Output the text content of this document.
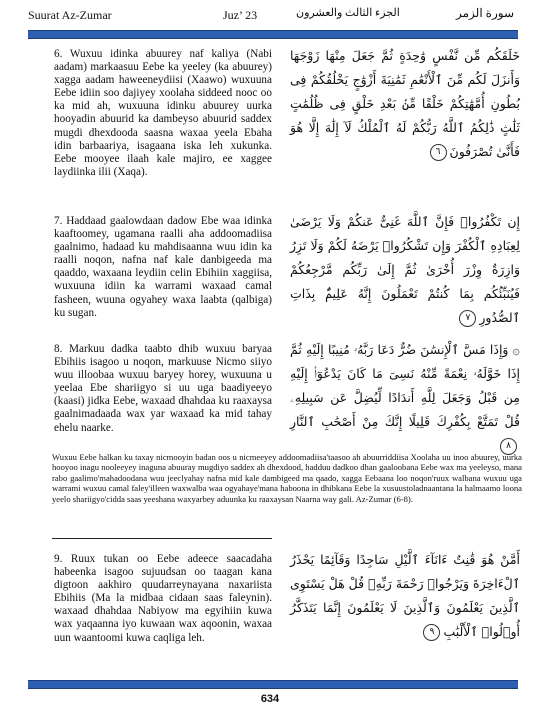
Suurat Az-Zumar	Juz’ 23	الجزء الثالث والعشرون	سورة الزمر
6. Wuxuu idinka abuurey naf kaliya (Nabi aadam) markaasuu Eebe ka yeeley (ka abuurey) xagga aadam haweeneydiisi (Xaawo) wuxuuna Eebe idiin soo dajiyey xoolaha siddeed nooc oo ka mid ah, wuxuuna idinku abuurey uurka hooyadin abuurid ka dambeyso abuurid saddex mugdi dhexdooda saasna waxaa yeela Ebaha idin barbaariya, isagaana iska leh xukunka. Eebe mooyee ilaah kale majiro, ee xaggee laydiinka ilii (Xaqa).
خَلَقَكُم مِّن نَّفْسٍ وَٰحِدَةٍ ثُمَّ جَعَلَ مِنْهَا زَوْجَهَا وَأَنزَلَ لَكُم مِّنَ ٱلْأَنْعَٰمِ ثَمَٰنِيَةَ أَزْوَٰجٍ يَخْلُقُكُمْ فِى بُطُونِ أُمَّهَٰتِكُمْ خَلْقًا مِّنۢ بَعْدِ خَلْقٍ فِى ظُلُمَٰتٍ ثَلَٰثٍ ذَٰلِكُمُ ٱللَّهُ رَبُّكُمْ لَهُ ٱلْمُلْكُ لَآ إِلَٰهَ إِلَّا هُوَ فَأَنَّىٰ تُصْرَفُونَ٦
7. Haddaad gaalowdaan dadow Ebe waa idinka kaaftoomey, ugamana raalli aha addoomadiisa gaalnimo, hadaad ku mahdisaanna wuu idin ka raalli noqon, nafna naf kale danbigeeda ma qaaddo, waxaana leydiin celin Ebihiin xaggiisa, wuxuuna idiin ka warrami waxaad camal fasheen, wuuna ogyahey waxa laabta (qalbiga) ku sugan.
إِن تَكْفُرُوا۟ فَإِنَّ ٱللَّهَ غَنِىٌّ عَنكُمْ وَلَا يَرْضَىٰ لِعِبَادِهِ ٱلْكُفْرَ وَإِن تَشْكُرُوا۟ يَرْضَهُ لَكُمْ وَلَا تَزِرُ وَازِرَةٌ وِزْرَ أُخْرَىٰ ثُمَّ إِلَىٰ رَبِّكُم مَّرْجِعُكُمْ فَيُنَبِّئُكُم بِمَا كُنتُمْ تَعْمَلُونَ إِنَّهُ عَلِيمٌۢ بِذَاتِ ٱلصُّدُورِ٧
8. Markuu dadka taabto dhib wuxuu baryaa Ebihiis isagoo u noqon, markuuse Nicmo siiyo wuu illoobaa wuxuu baryey horey, wuxuuna u yeelaa Ebe shariigyo si uu uga baadiyeeyo (kaasi) jidka Eebe, waxaad dhahdaa ku raaxaysa gaalnimadaada wax yar waxaad ka mid tahay ehelu naarke.
۞ وَإِذَا مَسَّ ٱلْإِنسَٰنَ ضُرٌّ دَعَا رَبَّهُۥ مُنِيبًا إِلَيْهِ ثُمَّ إِذَا خَوَّلَهُۥ نِعْمَةً مِّنْهُ نَسِىَ مَا كَانَ يَدْعُوٓا۟ إِلَيْهِ مِن قَبْلُ وَجَعَلَ لِلَّهِ أَندَادًا لِّيُضِلَّ عَن سَبِيلِهِۦ قُلْ تَمَتَّعْ بِكُفْرِكَ قَلِيلًا إِنَّكَ مِنْ أَصْحَٰبِ ٱلنَّارِ٨
Wuxuu Eebe halkan ku taxay nicmooyin badan oos u nicmeeyey addoomadiisa'taasoo ah abuurriddiisa Xoolaha uu inoo abuurey, uurka hooyoo inagu nooleeyey inaguna abuuray mugdiyo saddex ah dhexdood, hadduu dadkoo dhan gaaloobana Eebe wax ma yeeleyso, mana rabo gaalimo'mahadoodana wuu jeeclyahay nafna mid kale dambigeed ma qaado, xagga Eebaana loo noqon'ruux walbana wuxuu uga warrami wuxuu camal faley'illeen waxwalba waa ogyahaye'mana haboona in dhibkana Eebe la xusuustoladnaantana la halmaamo loona yeelo shariigyo'cidda saas yeeshana waxyarbey aduunka ku raaxaysan Naarna way gali. Az-Zumar (6-8).
9. Ruux tukan oo Eebe adeece saacadaha habeenka isagoo sujuudsan oo taagan kana digtoon aakhiro quudarreynayana naxariista Ebihiis (Ma la midbaa cidaan saas faleynin). waxaad dhahdaa Nabiyow ma egyihiin kuwa wax yaqaanna iyo kuwaan wax aqoonin, waxaa uun waantoomi kuwa caqliga leh.
أَمَّنْ هُوَ قَٰنِتٌ ءَانَآءَ ٱلَّيْلِ سَاجِدًا وَقَآئِمًا يَحْذَرُ ٱلْءَاخِرَةَ وَيَرْجُوا۟ رَحْمَةَ رَبِّهِۦ قُلْ هَلْ يَسْتَوِى ٱلَّذِينَ يَعْلَمُونَ وَٱلَّذِينَ لَا يَعْلَمُونَ إِنَّمَا يَتَذَكَّرُ أُو۟لُوا۟ ٱلْأَلْبَٰبِ٩
634
